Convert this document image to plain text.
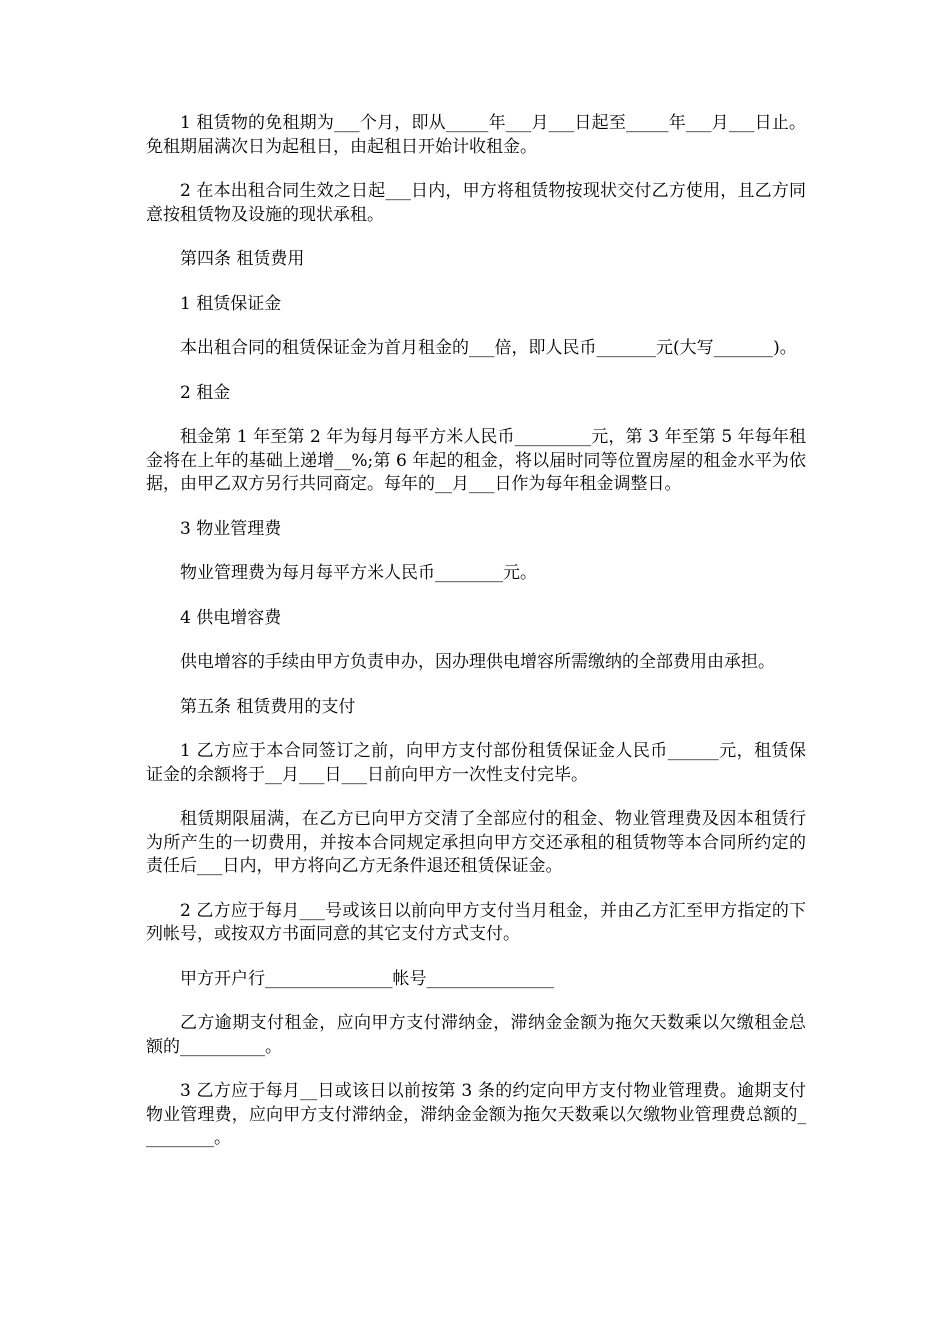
1 租赁物的免租期为___个月，即从_____年___月___日起至_____年___月___日止。免租期届满次日为起租日，由起租日开始计收租金。

2 在本出租合同生效之日起___日内，甲方将租赁物按现状交付乙方使用，且乙方同意按租赁物及设施的现状承租。

第四条 租赁费用

1 租赁保证金

本出租合同的租赁保证金为首月租金的___倍，即人民币_______元(大写_______)。

2 租金

租金第 1 年至第 2 年为每月每平方米人民币_________元，第 3 年至第 5 年每年租金将在上年的基础上递增__%;第 6 年起的租金，将以届时同等位置房屋的租金水平为依据，由甲乙双方另行共同商定。每年的__月___日作为每年租金调整日。

3 物业管理费

物业管理费为每月每平方米人民币________元。

4 供电增容费

供电增容的手续由甲方负责申办，因办理供电增容所需缴纳的全部费用由承担。

第五条 租赁费用的支付

1 乙方应于本合同签订之前，向甲方支付部份租赁保证金人民币______元，租赁保证金的余额将于__月___日___日前向甲方一次性支付完毕。

租赁期限届满，在乙方已向甲方交清了全部应付的租金、物业管理费及因本租赁行为所产生的一切费用，并按本合同规定承担向甲方交还承租的租赁物等本合同所约定的责任后___日内，甲方将向乙方无条件退还租赁保证金。

2 乙方应于每月___号或该日以前向甲方支付当月租金，并由乙方汇至甲方指定的下列帐号，或按双方书面同意的其它支付方式支付。

甲方开户行_______________帐号_______________

乙方逾期支付租金，应向甲方支付滞纳金，滞纳金金额为拖欠天数乘以欠缴租金总额的__________。

3 乙方应于每月__日或该日以前按第 3 条的约定向甲方支付物业管理费。逾期支付物业管理费，应向甲方支付滞纳金，滞纳金金额为拖欠天数乘以欠缴物业管理费总额的_________。
